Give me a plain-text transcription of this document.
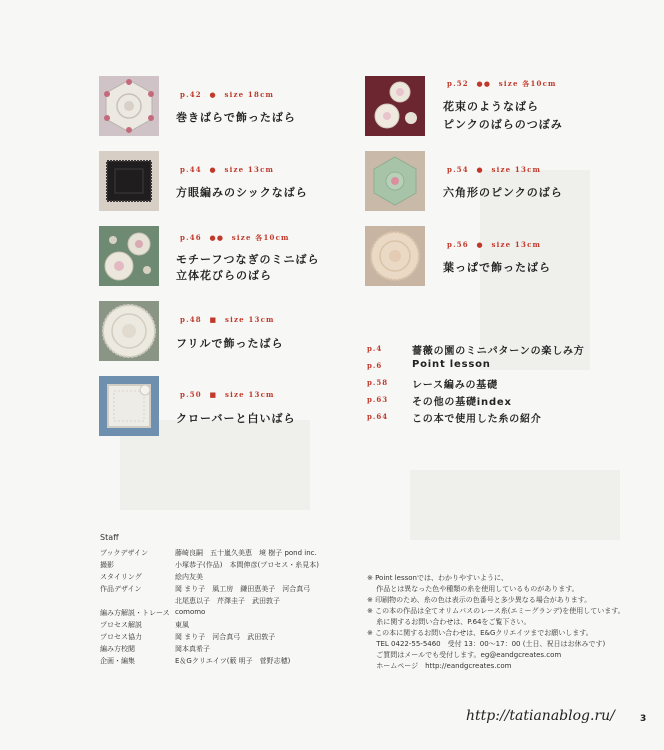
p.42 ● size 18cm
巻きばらで飾ったばら
p.44 ● size 13cm
方眼編みのシックなばら
p.46 ●● size 各10cm
モチーフつなぎのミニばら
立体花びらのばら
p.48 ■ size 13cm
フリルで飾ったばら
p.50 ■ size 13cm
クローバーと白いばら
p.52 ●● size 各10cm
花束のようなばら
ピンクのばらのつぼみ
p.54 ● size 13cm
六角形のピンクのばら
p.56 ● size 13cm
葉っぱで飾ったばら
p.4	薔薇の園のミニパターンの楽しみ方
p.6	Point lesson
p.58 レース編みの基礎
p.63 その他の基礎index
p.64 この本で使用した糸の紹介
Staff
ブックデザイン	藤崎良嗣　五十嵐久美恵　境 樹子 pond inc.
撮影	小塚恭子(作品)　本間伸彦(プロセス・糸見本)
スタイリング	絵内友美
作品デザイン	岡 まり子　風工房　鎌田恵美子　河合真弓
北尾恵以子　芹澤圭子　武田敦子
編み方解説・トレース comomo
プロセス解説	東風
プロセス協力	岡 まり子　河合真弓　武田敦子
編み方校閲	岡本真希子
企画・編集	E＆Gクリエイツ(薮 明子　菅野志穂)
※ Point lessonでは、わかりやすいように、
　 作品とは異なった色や種類の糸を使用しているものがあります。
※ 印刷物のため、糸の色は表示の色番号と多少異なる場合があります。
※ この本の作品は全てオリムパスのレース糸(エミーグランデ)を使用しています。
　 糸に関するお問い合わせは、P.64をご覧下さい。
※ この本に関するお問い合わせは、E&Gクリエイツまでお願いします。
　 TEL 0422-55-5460　受付 13：00～17：00 (土日、祝日はお休みです)
　 ご質問はメールでも受付します。eg@eandgcreates.com
　 ホームページ　http://eandgcreates.com
http://tatianablog.ru/	3
